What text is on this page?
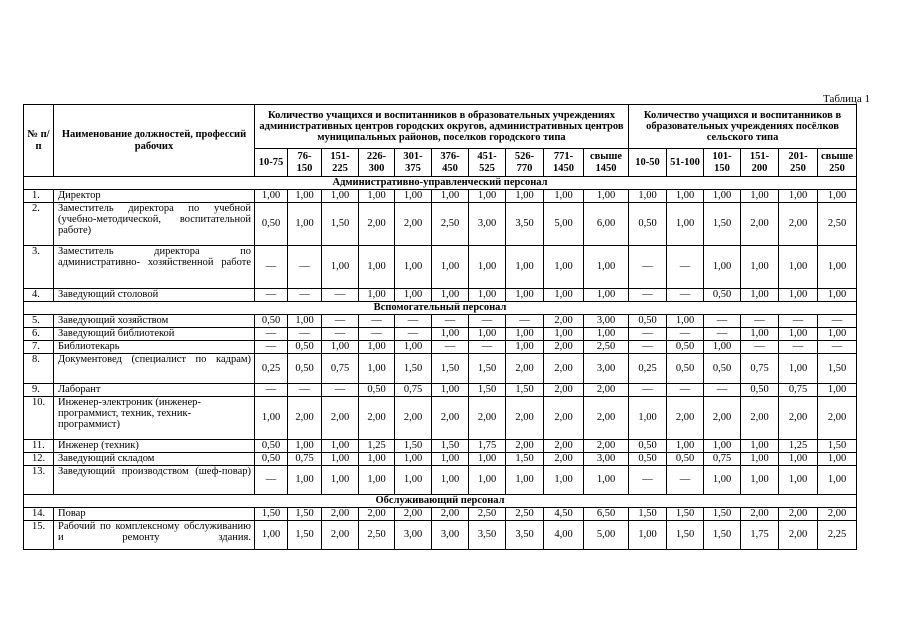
Таблица 1
№ п/п	Наименование должностей, профессий рабочих	Количество учащихся и воспитанников в образовательных учреждениях административных центров городских округов, административных центров муниципальных районов, поселков городского типа										Количество учащихся и воспитанников в образовательных учреждениях посёлков сельского типа					
		10-75	76-150	151-225	226-300	301-375	376-450	451-525	526-770	771-1450	свыше 1450	10-50	51-100	101-150	151-200	201-250	свыше 250
Административно-управленческий персонал																	
1.	Директор	1,00	1,00	1,00	1,00	1,00	1,00	1,00	1,00	1,00	1,00	1,00	1,00	1,00	1,00	1,00	1,00
2.	Заместитель директора по учебной (учебно-методической, воспитательной работе)	0,50	1,00	1,50	2,00	2,00	2,50	3,00	3,50	5,00	6,00	0,50	1,00	1,50	2,00	2,00	2,50
3.	Заместитель директора по административно- хозяйственной работе	—	—	1,00	1,00	1,00	1,00	1,00	1,00	1,00	1,00	—	—	1,00	1,00	1,00	1,00
4.	Заведующий столовой	—	—	—	1,00	1,00	1,00	1,00	1,00	1,00	1,00	—	—	0,50	1,00	1,00	1,00
Вспомогательный персонал																	
5.	Заведующий хозяйством	0,50	1,00	—	—	—	—	—	—	2,00	3,00	0,50	1,00	—	—	—	—
6.	Заведующий библиотекой	—	—	—	—	—	1,00	1,00	1,00	1,00	1,00	—	—	—	1,00	1,00	1,00
7.	Библиотекарь	—	0,50	1,00	1,00	1,00	—	—	1,00	2,00	2,50	—	0,50	1,00	—	—	—
8.	Документовед (специалист по кадрам)	0,25	0,50	0,75	1,00	1,50	1,50	1,50	2,00	2,00	3,00	0,25	0,50	0,50	0,75	1,00	1,50
9.	Лаборант	—	—	—	0,50	0,75	1,00	1,50	1,50	2,00	2,00	—	—	—	0,50	0,75	1,00
10.	Инженер-электроник (инженер-программист, техник, техник-программист)	1,00	2,00	2,00	2,00	2,00	2,00	2,00	2,00	2,00	2,00	1,00	2,00	2,00	2,00	2,00	2,00
11.	Инженер (техник)	0,50	1,00	1,00	1,25	1,50	1,50	1,75	2,00	2,00	2,00	0,50	1,00	1,00	1,00	1,25	1,50
12.	Заведующий складом	0,50	0,75	1,00	1,00	1,00	1,00	1,00	1,50	2,00	3,00	0,50	0,50	0,75	1,00	1,00	1,00
13.	Заведующий производством (шеф-повар)	—	1,00	1,00	1,00	1,00	1,00	1,00	1,00	1,00	1,00	—	—	1,00	1,00	1,00	1,00
Обслуживающий персонал																	
14.	Повар	1,50	1,50	2,00	2,00	2,00	2,00	2,50	2,50	4,50	6,50	1,50	1,50	1,50	2,00	2,00	2,00
15.	Рабочий по комплексному обслуживанию и ремонту здания.	1,00	1,50	2,00	2,50	3,00	3,00	3,50	3,50	4,00	5,00	1,00	1,50	1,50	1,75	2,00	2,25
